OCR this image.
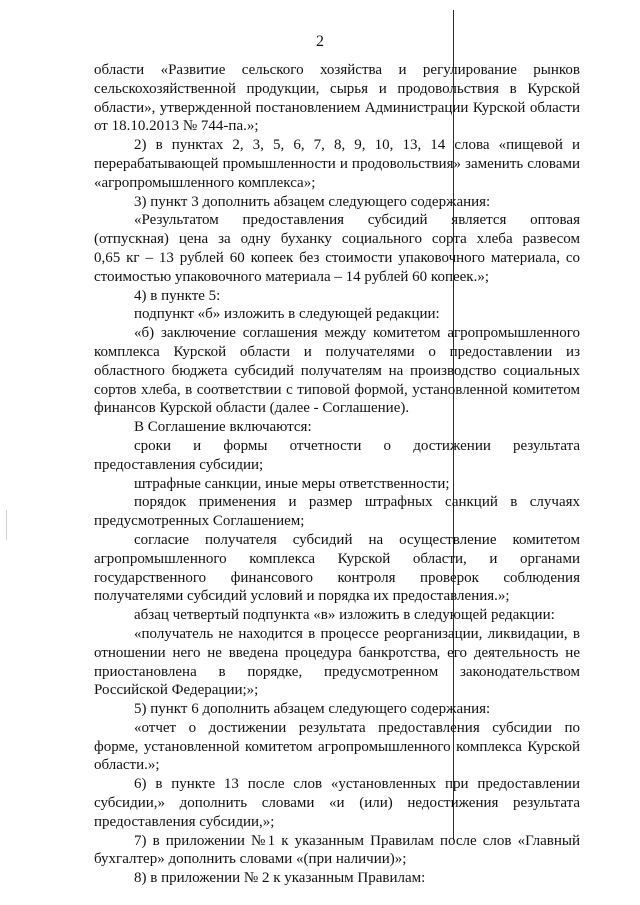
2
области «Развитие сельского хозяйства и регулирование рынков
сельскохозяйственной продукции, сырья и продовольствия в Курской
области», утвержденной постановлением Администрации Курской области
от 18.10.2013 № 744-па.»;
2) в пунктах 2, 3, 5, 6, 7, 8, 9, 10, 13, 14 слова «пищевой и
перерабатывающей промышленности и продовольствия» заменить словами
«агропромышленного комплекса»;
3) пункт 3 дополнить абзацем следующего содержания:
«Результатом предоставления субсидий является оптовая
(отпускная) цена за одну буханку социального сорта хлеба развесом
0,65 кг – 13 рублей 60 копеек без стоимости упаковочного материала, со
стоимостью упаковочного материала – 14 рублей 60 копеек.»;
4) в пункте 5:
подпункт «б» изложить в следующей редакции:
«б) заключение соглашения между комитетом агропромышленного
комплекса Курской области и получателями о предоставлении из
областного бюджета субсидий получателям на производство социальных
сортов хлеба, в соответствии с типовой формой, установленной комитетом
финансов Курской области (далее - Соглашение).
В Соглашение включаются:
сроки и формы отчетности о достижении результата
предоставления субсидии;
штрафные санкции, иные меры ответственности;
порядок применения и размер штрафных санкций в случаях
предусмотренных Соглашением;
согласие получателя субсидий на осуществление комитетом
агропромышленного комплекса Курской области, и органами
государственного финансового контроля проверок соблюдения
получателями субсидий условий и порядка их предоставления.»;
абзац четвертый подпункта «в» изложить в следующей редакции:
«получатель не находится в процессе реорганизации, ликвидации, в
отношении него не введена процедура банкротства, его деятельность не
приостановлена в порядке, предусмотренном законодательством
Российской Федерации;»;
5) пункт 6 дополнить абзацем следующего содержания:
«отчет о достижении результата предоставления субсидии по
форме, установленной комитетом агропромышленного комплекса Курской
области.»;
6) в пункте 13 после слов «установленных при предоставлении
субсидии,» дополнить словами «и (или) недостижения результата
предоставления субсидии,»;
7) в приложении №1 к указанным Правилам после слов «Главный
бухгалтер» дополнить словами «(при наличии)»;
8) в приложении № 2 к указанным Правилам:
